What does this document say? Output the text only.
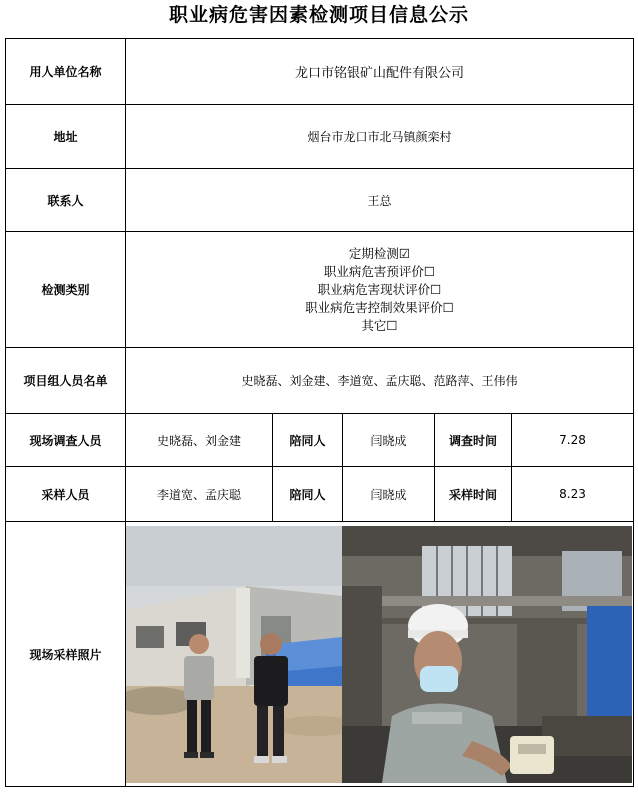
职业病危害因素检测项目信息公示
用人单位名称	龙口市铭银矿山配件有限公司				
地址	烟台市龙口市北马镇颜栾村				
联系人	王总				
检测类别	定期检测☑
职业病危害预评价☐
职业病危害现状评价☐
职业病危害控制效果评价☐
其它☐				

项目组人员名单	史晓磊、刘金建、李道宽、孟庆聪、范路萍、王伟伟				
现场调查人员	史晓磊、刘金建	陪同人	闫晓成	调查时间	7.28
采样人员	李道宽、孟庆聪	陪同人	闫晓成	采样时间	8.23
现场采样照片	
